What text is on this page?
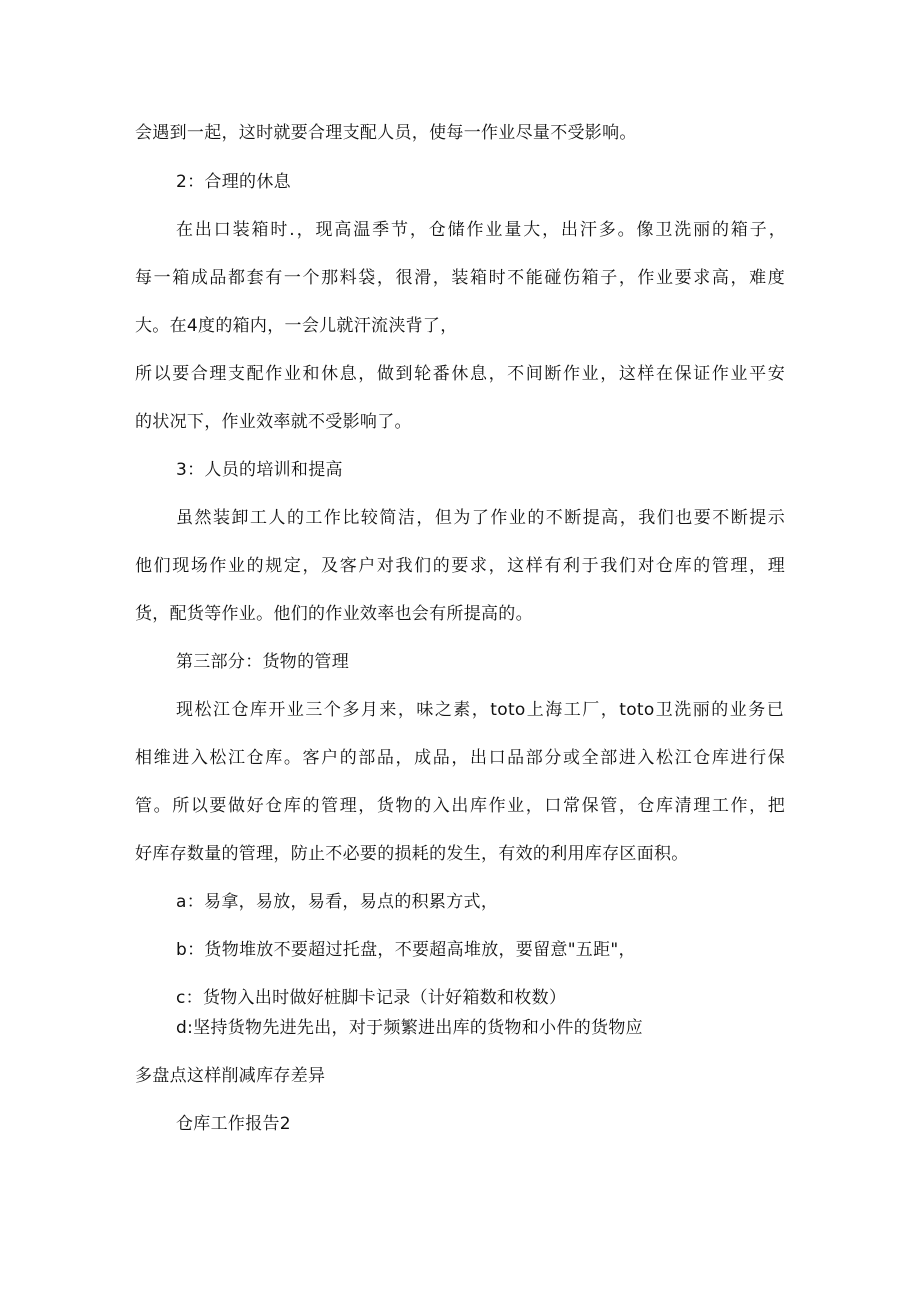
会遇到一起，这时就要合理支配人员，使每一作业尽量不受影响。
2：合理的休息
在出口装箱时.，现高温季节，仓储作业量大，出汗多。像卫洗丽的箱子，
每一箱成品都套有一个那料袋，很滑，装箱时不能碰伤箱子，作业要求高，难度
大。在4度的箱内，一会儿就汗流浃背了，
所以要合理支配作业和休息，做到轮番休息，不间断作业，这样在保证作业平安
的状况下，作业效率就不受影响了。
3：人员的培训和提高
虽然装卸工人的工作比较简洁，但为了作业的不断提高，我们也要不断提示
他们现场作业的规定，及客户对我们的要求，这样有利于我们对仓库的管理，理
货，配货等作业。他们的作业效率也会有所提高的。
第三部分：货物的管理
现松江仓库开业三个多月来，味之素，toto上海工厂，toto卫洗丽的业务已
相维进入松江仓库。客户的部品，成品，出口品部分或全部进入松江仓库进行保
管。所以要做好仓库的管理，货物的入出库作业，口常保管，仓库清理工作，把
好库存数量的管理，防止不必要的损耗的发生，有效的利用库存区面积。
a：易拿，易放，易看，易点的积累方式，
b：货物堆放不要超过托盘，不要超高堆放，要留意"五距"，
c：货物入出时做好桩脚卡记录（计好箱数和枚数）
d:坚持货物先进先出，对于频繁进出库的货物和小件的货物应
多盘点这样削减库存差异
仓库工作报告2
